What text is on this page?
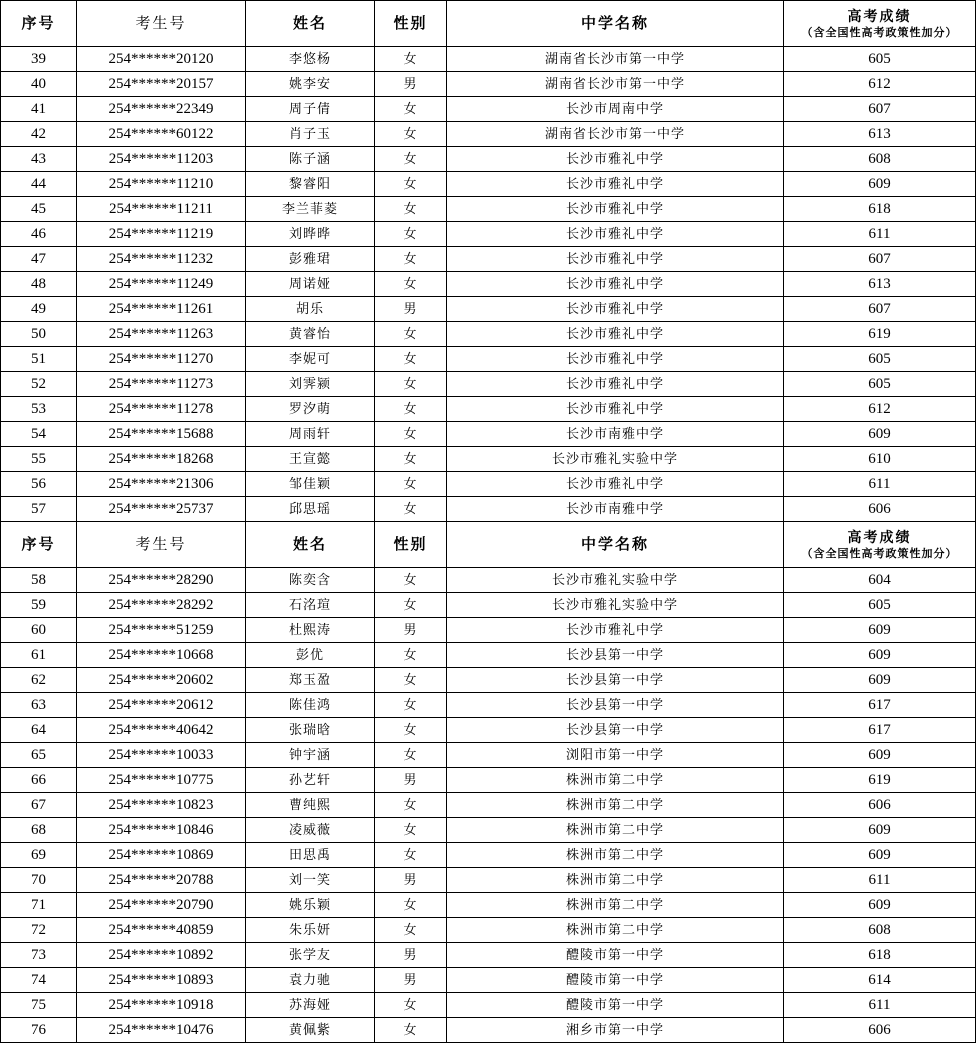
序号	考生号	姓名	性别	中学名称	高考成绩
（含全国性高考政策性加分）

39	254******20120	李悠杨	女	湖南省长沙市第一中学	605
40	254******20157	姚李安	男	湖南省长沙市第一中学	612
41	254******22349	周子倩	女	长沙市周南中学	607
42	254******60122	肖子玉	女	湖南省长沙市第一中学	613
43	254******11203	陈子涵	女	长沙市雅礼中学	608
44	254******11210	黎睿阳	女	长沙市雅礼中学	609
45	254******11211	李兰菲菱	女	长沙市雅礼中学	618
46	254******11219	刘晔晔	女	长沙市雅礼中学	611
47	254******11232	彭雅珺	女	长沙市雅礼中学	607
48	254******11249	周诺娅	女	长沙市雅礼中学	613
49	254******11261	胡乐	男	长沙市雅礼中学	607
50	254******11263	黄睿怡	女	长沙市雅礼中学	619
51	254******11270	李妮可	女	长沙市雅礼中学	605
52	254******11273	刘霁颍	女	长沙市雅礼中学	605
53	254******11278	罗汐萌	女	长沙市雅礼中学	612
54	254******15688	周雨轩	女	长沙市南雅中学	609
55	254******18268	王宣懿	女	长沙市雅礼实验中学	610
56	254******21306	邹佳颖	女	长沙市雅礼中学	611
57	254******25737	邱思瑶	女	长沙市南雅中学	606
序号	考生号	姓名	性别	中学名称	高考成绩
（含全国性高考政策性加分）

58	254******28290	陈奕含	女	长沙市雅礼实验中学	604
59	254******28292	石洺瑄	女	长沙市雅礼实验中学	605
60	254******51259	杜熙涛	男	长沙市雅礼中学	609
61	254******10668	彭优	女	长沙县第一中学	609
62	254******20602	郑玉盈	女	长沙县第一中学	609
63	254******20612	陈佳鸿	女	长沙县第一中学	617
64	254******40642	张瑞晗	女	长沙县第一中学	617
65	254******10033	钟宇涵	女	浏阳市第一中学	609
66	254******10775	孙艺轩	男	株洲市第二中学	619
67	254******10823	曹纯熙	女	株洲市第二中学	606
68	254******10846	凌威薇	女	株洲市第二中学	609
69	254******10869	田思禹	女	株洲市第二中学	609
70	254******20788	刘一笑	男	株洲市第二中学	611
71	254******20790	姚乐颖	女	株洲市第二中学	609
72	254******40859	朱乐妍	女	株洲市第二中学	608
73	254******10892	张学友	男	醴陵市第一中学	618
74	254******10893	袁力驰	男	醴陵市第一中学	614
75	254******10918	苏海娅	女	醴陵市第一中学	611
76	254******10476	黄佩紫	女	湘乡市第一中学	606
